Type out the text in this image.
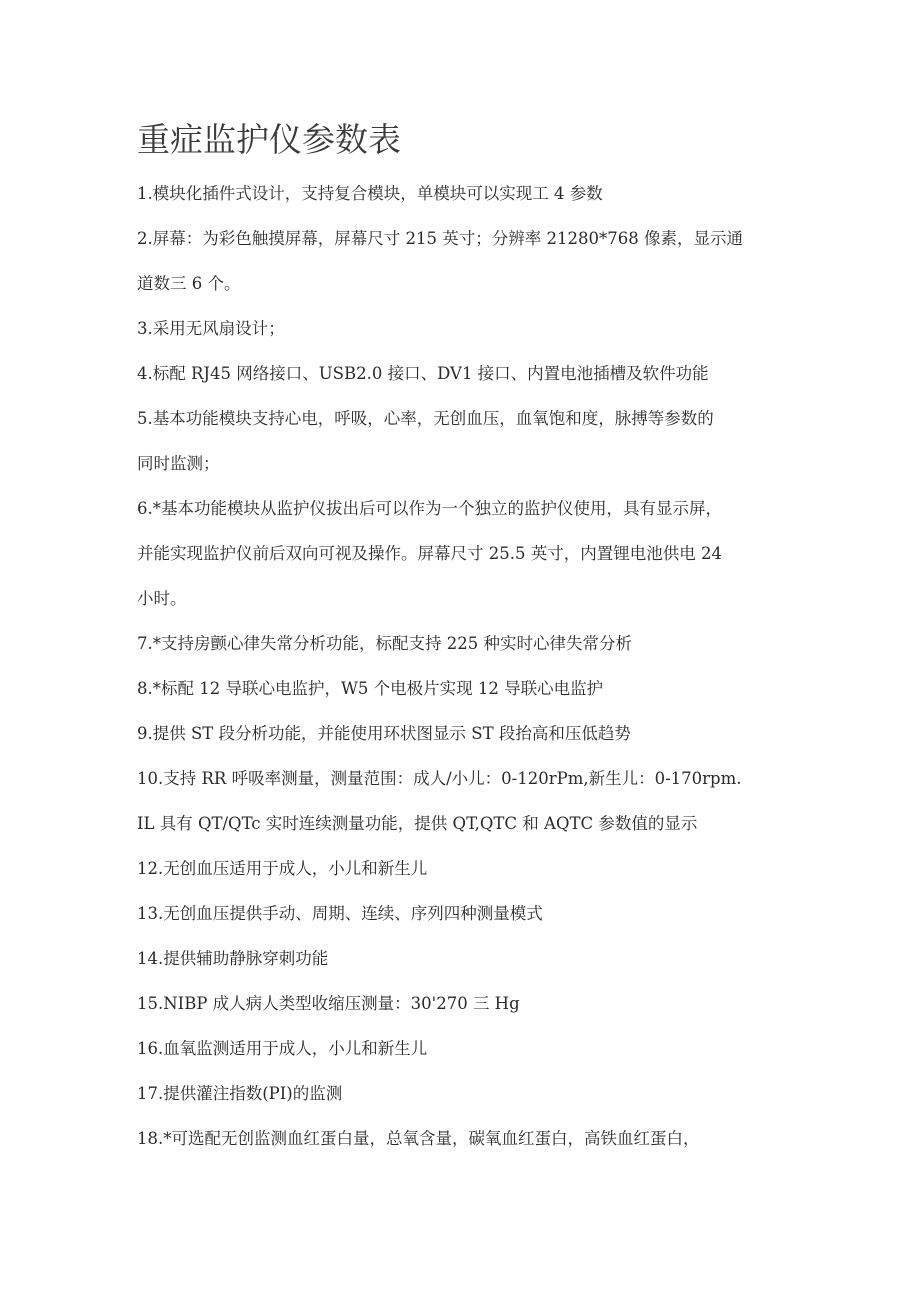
重症监护仪参数表
1.模块化插件式设计，支持复合模块，单模块可以实现工 4 参数
2.屏幕：为彩色触摸屏幕，屏幕尺寸 215 英寸；分辨率 21280*768 像素，显示通
道数三 6 个。
3.采用无风扇设计；
4.标配 RJ45 网络接口、USB2.0 接口、DV1 接口、内置电池插槽及软件功能
5.基本功能模块支持心电，呼吸，心率，无创血压，血氧饱和度，脉搏等参数的
同时监测；
6.*基本功能模块从监护仪拔出后可以作为一个独立的监护仪使用，具有显示屏，
并能实现监护仪前后双向可视及操作。屏幕尺寸 25.5 英寸，内置锂电池供电 24
小时。
7.*支持房颤心律失常分析功能，标配支持 225 种实时心律失常分析
8.*标配 12 导联心电监护，W5 个电极片实现 12 导联心电监护
9.提供 ST 段分析功能，并能使用环状图显示 ST 段抬高和压低趋势
10.支持 RR 呼吸率测量，测量范围：成人/小儿：0-120rPm,新生儿：0-170rpm.
IL 具有 QT/QTc 实时连续测量功能，提供 QT,QTC 和 AQTC 参数值的显示
12.无创血压适用于成人，小儿和新生儿
13.无创血压提供手动、周期、连续、序列四种测量模式
14.提供辅助静脉穿刺功能
15.NIBP 成人病人类型收缩压测量：30'270 三 Hg
16.血氧监测适用于成人，小儿和新生儿
17.提供灌注指数(PI)的监测
18.*可选配无创监测血红蛋白量，总氧含量，碳氧血红蛋白，高铁血红蛋白，
